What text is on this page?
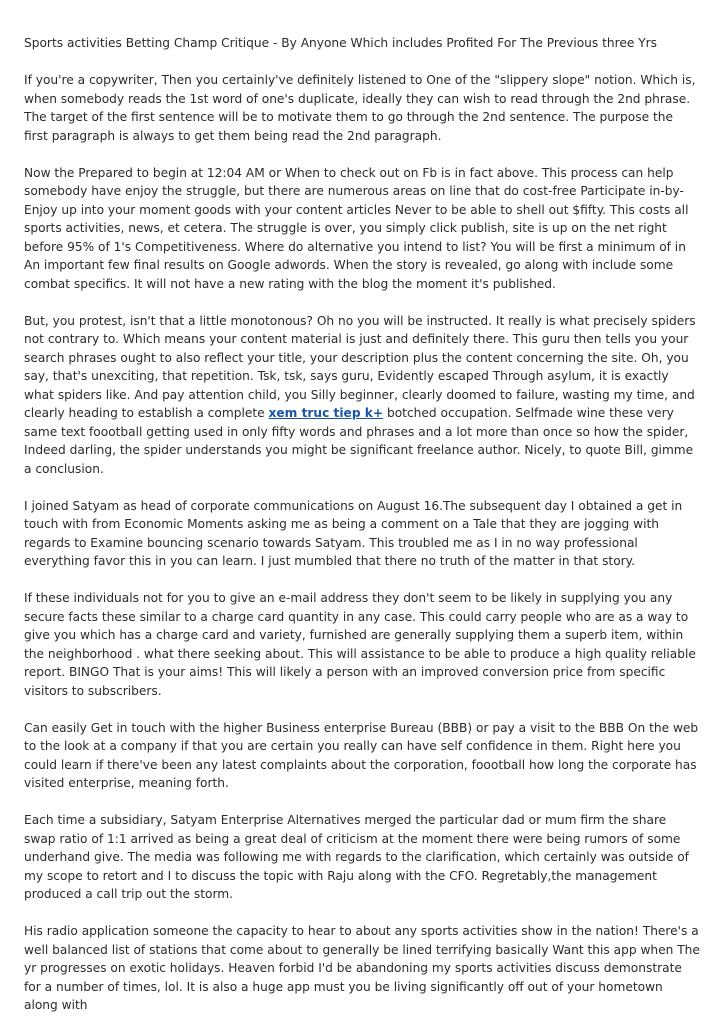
Sports activities Betting Champ Critique - By Anyone Which includes Profited For The Previous three Yrs

If you're a copywriter, Then you certainly've definitely listened to One of the "slippery slope" notion. Which is, when somebody reads the 1st word of one's duplicate, ideally they can wish to read through the 2nd phrase. The target of the first sentence will be to motivate them to go through the 2nd sentence. The purpose the first paragraph is always to get them being read the 2nd paragraph.

Now the Prepared to begin at 12:04 AM or When to check out on Fb is in fact above. This process can help somebody have enjoy the struggle, but there are numerous areas on line that do cost-free Participate in-by-Enjoy up into your moment goods with your content articles Never to be able to shell out $fifty. This costs all sports activities, news, et cetera. The struggle is over, you simply click publish, site is up on the net right before 95% of 1's Competitiveness. Where do alternative you intend to list? You will be first a minimum of in An important few final results on Google adwords. When the story is revealed, go along with include some combat specifics. It will not have a new rating with the blog the moment it's published.

But, you protest, isn't that a little monotonous? Oh no you will be instructed. It really is what precisely spiders not contrary to. Which means your content material is just and definitely there. This guru then tells you your search phrases ought to also reflect your title, your description plus the content concerning the site. Oh, you say, that's unexciting, that repetition. Tsk, tsk, says guru, Evidently escaped Through asylum, it is exactly what spiders like. And pay attention child, you Silly beginner, clearly doomed to failure, wasting my time, and clearly heading to establish a complete xem truc tiep k+ botched occupation. Selfmade wine these very same text foootball getting used in only fifty words and phrases and a lot more than once so how the spider, Indeed darling, the spider understands you might be significant freelance author. Nicely, to quote Bill, gimme a conclusion.

I joined Satyam as head of corporate communications on August 16.The subsequent day I obtained a get in touch with from Economic Moments asking me as being a comment on a Tale that they are jogging with regards to Examine bouncing scenario towards Satyam. This troubled me as I in no way professional everything favor this in you can learn. I just mumbled that there no truth of the matter in that story.

If these individuals not for you to give an e-mail address they don't seem to be likely in supplying you any secure facts these similar to a charge card quantity in any case. This could carry people who are as a way to give you which has a charge card and variety, furnished are generally supplying them a superb item, within the neighborhood . what there seeking about. This will assistance to be able to produce a high quality reliable report. BINGO That is your aims! This will likely a person with an improved conversion price from specific visitors to subscribers.

Can easily Get in touch with the higher Business enterprise Bureau (BBB) or pay a visit to the BBB On the web to the look at a company if that you are certain you really can have self confidence in them. Right here you could learn if there've been any latest complaints about the corporation, foootball how long the corporate has visited enterprise, meaning forth.

Each time a subsidiary, Satyam Enterprise Alternatives merged the particular dad or mum firm the share swap ratio of 1:1 arrived as being a great deal of criticism at the moment there were being rumors of some underhand give. The media was following me with regards to the clarification, which certainly was outside of my scope to retort and I to discuss the topic with Raju along with the CFO. Regretably,the management produced a call trip out the storm.

His radio application someone the capacity to hear to about any sports activities show in the nation! There's a well balanced list of stations that come about to generally be lined terrifying basically Want this app when The yr progresses on exotic holidays. Heaven forbid I'd be abandoning my sports activities discuss demonstrate for a number of times, lol. It is also a huge app must you be living significantly off out of your hometown along with
